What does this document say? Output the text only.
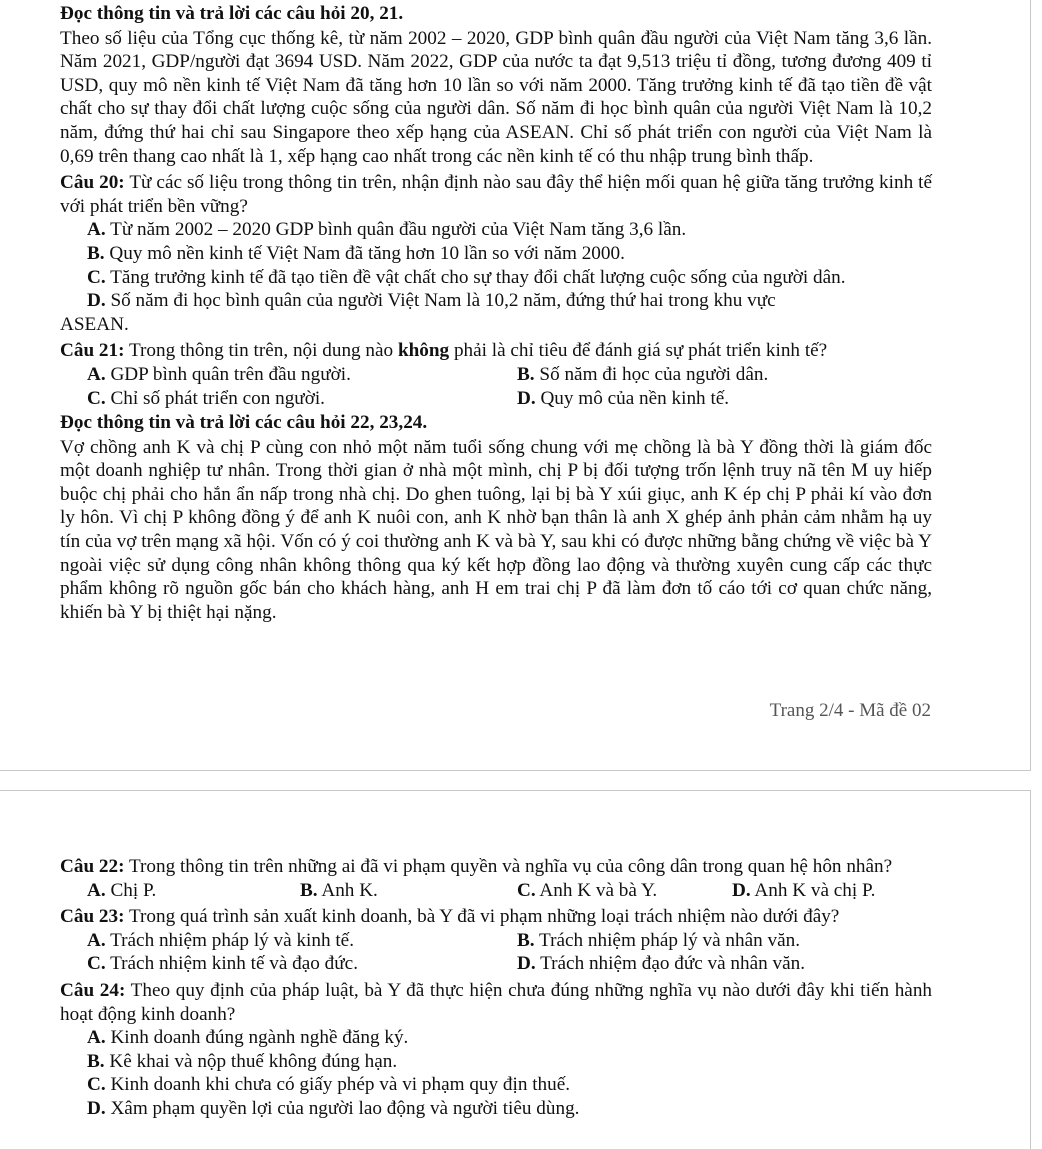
Đọc thông tin và trả lời các câu hỏi 20, 21.

Theo số liệu của Tổng cục thống kê, từ năm 2002 – 2020, GDP bình quân đầu người của Việt Nam tăng 3,6 lần. Năm 2021, GDP/người đạt 3694 USD. Năm 2022, GDP của nước ta đạt 9,513 triệu tỉ đồng, tương đương 409 tỉ USD, quy mô nền kinh tế Việt Nam đã tăng hơn 10 lần so với năm 2000. Tăng trưởng kinh tế đã tạo tiền đề vật chất cho sự thay đổi chất lượng cuộc sống của người dân. Số năm đi học bình quân của người Việt Nam là 10,2 năm, đứng thứ hai chỉ sau Singapore theo xếp hạng của ASEAN. Chỉ số phát triển con người của Việt Nam là 0,69 trên thang cao nhất là 1, xếp hạng cao nhất trong các nền kinh tế có thu nhập trung bình thấp.

Câu 20: Từ các số liệu trong thông tin trên, nhận định nào sau đây thể hiện mối quan hệ giữa tăng trưởng kinh tế với phát triển bền vững?

A. Từ năm 2002 – 2020 GDP bình quân đầu người của Việt Nam tăng 3,6 lần.

B. Quy mô nền kinh tế Việt Nam đã tăng hơn 10 lần so với năm 2000.

C. Tăng trưởng kinh tế đã tạo tiền đề vật chất cho sự thay đổi chất lượng cuộc sống của người dân.

D. Số năm đi học bình quân của người Việt Nam là 10,2 năm, đứng thứ hai trong khu vực

ASEAN.

Câu 21: Trong thông tin trên, nội dung nào không phải là chỉ tiêu để đánh giá sự phát triển kinh tế?

A. GDP bình quân trên đầu người.	B. Số năm đi học của người dân.
C. Chỉ số phát triển con người.	D. Quy mô của nền kinh tế.

Đọc thông tin và trả lời các câu hỏi 22, 23,24.

Vợ chồng anh K và chị P cùng con nhỏ một năm tuổi sống chung với mẹ chồng là bà Y đồng thời là giám đốc một doanh nghiệp tư nhân. Trong thời gian ở nhà một mình, chị P bị đối tượng trốn lệnh truy nã tên M uy hiếp buộc chị phải cho hắn ẩn nấp trong nhà chị. Do ghen tuông, lại bị bà Y xúi giục, anh K ép chị P phải kí vào đơn ly hôn. Vì chị P không đồng ý để anh K nuôi con, anh K nhờ bạn thân là anh X ghép ảnh phản cảm nhằm hạ uy tín của vợ trên mạng xã hội. Vốn có ý coi thường anh K và bà Y, sau khi có được những bằng chứng về việc bà Y ngoài việc sử dụng công nhân không thông qua ký kết hợp đồng lao động và thường xuyên cung cấp các thực phẩm không rõ nguồn gốc bán cho khách hàng, anh H em trai chị P đã làm đơn tố cáo tới cơ quan chức năng, khiến bà Y bị thiệt hại nặng.

Trang 2/4 - Mã đề 02

Câu 22: Trong thông tin trên những ai đã vi phạm quyền và nghĩa vụ của công dân trong quan hệ hôn nhân?

A. Chị P.	B. Anh K.	C. Anh K và bà Y.	D. Anh K và chị P.

Câu 23: Trong quá trình sản xuất kinh doanh, bà Y đã vi phạm những loại trách nhiệm nào dưới đây?

A. Trách nhiệm pháp lý và kinh tế.	B. Trách nhiệm pháp lý và nhân văn.
C. Trách nhiệm kinh tế và đạo đức.	D. Trách nhiệm đạo đức và nhân văn.

Câu 24: Theo quy định của pháp luật, bà Y đã thực hiện chưa đúng những nghĩa vụ nào dưới đây khi tiến hành hoạt động kinh doanh?

A. Kinh doanh đúng ngành nghề đăng ký.

B. Kê khai và nộp thuế không đúng hạn.

C. Kinh doanh khi chưa có giấy phép và vi phạm quy địn thuế.

D. Xâm phạm quyền lợi của người lao động và người tiêu dùng.
